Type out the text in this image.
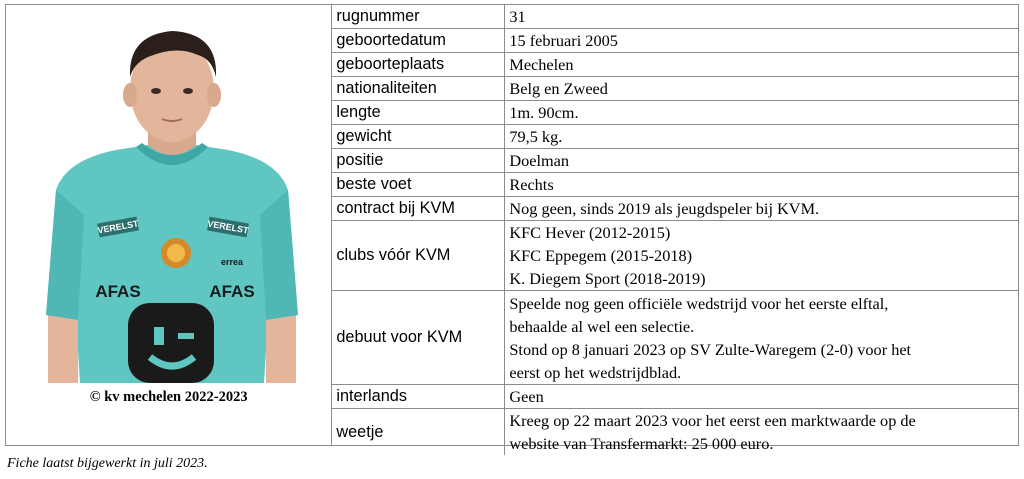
VERELST	VERELST
errea
AFAS	AFAS
© kv mechelen 2022-2023
rugnummer	31

geboortedatum	15 februari 2005

geboorteplaats	Mechelen

nationaliteiten	Belg en Zweed

lengte	1m. 90cm.

gewicht	79,5 kg.

positie	Doelman

beste voet	Rechts

contract bij KVM	Nog geen, sinds 2019 als jeugdspeler bij KVM.

clubs vóór KVM	KFC Hever (2012-2015)
KFC Eppegem (2015-2018)
K. Diegem Sport (2018-2019)

debuut voor KVM	Speelde nog geen officiële wedstrijd voor het eerste elftal,
behaalde al wel een selectie.
Stond op 8 januari 2023 op SV Zulte-Waregem (2-0) voor het
eerst op het wedstrijdblad.

interlands	Geen

weetje	Kreeg op 22 maart 2023 voor het eerst een marktwaarde op de
website van Transfermarkt: 25 000 euro.
Fiche laatst bijgewerkt in juli 2023.
